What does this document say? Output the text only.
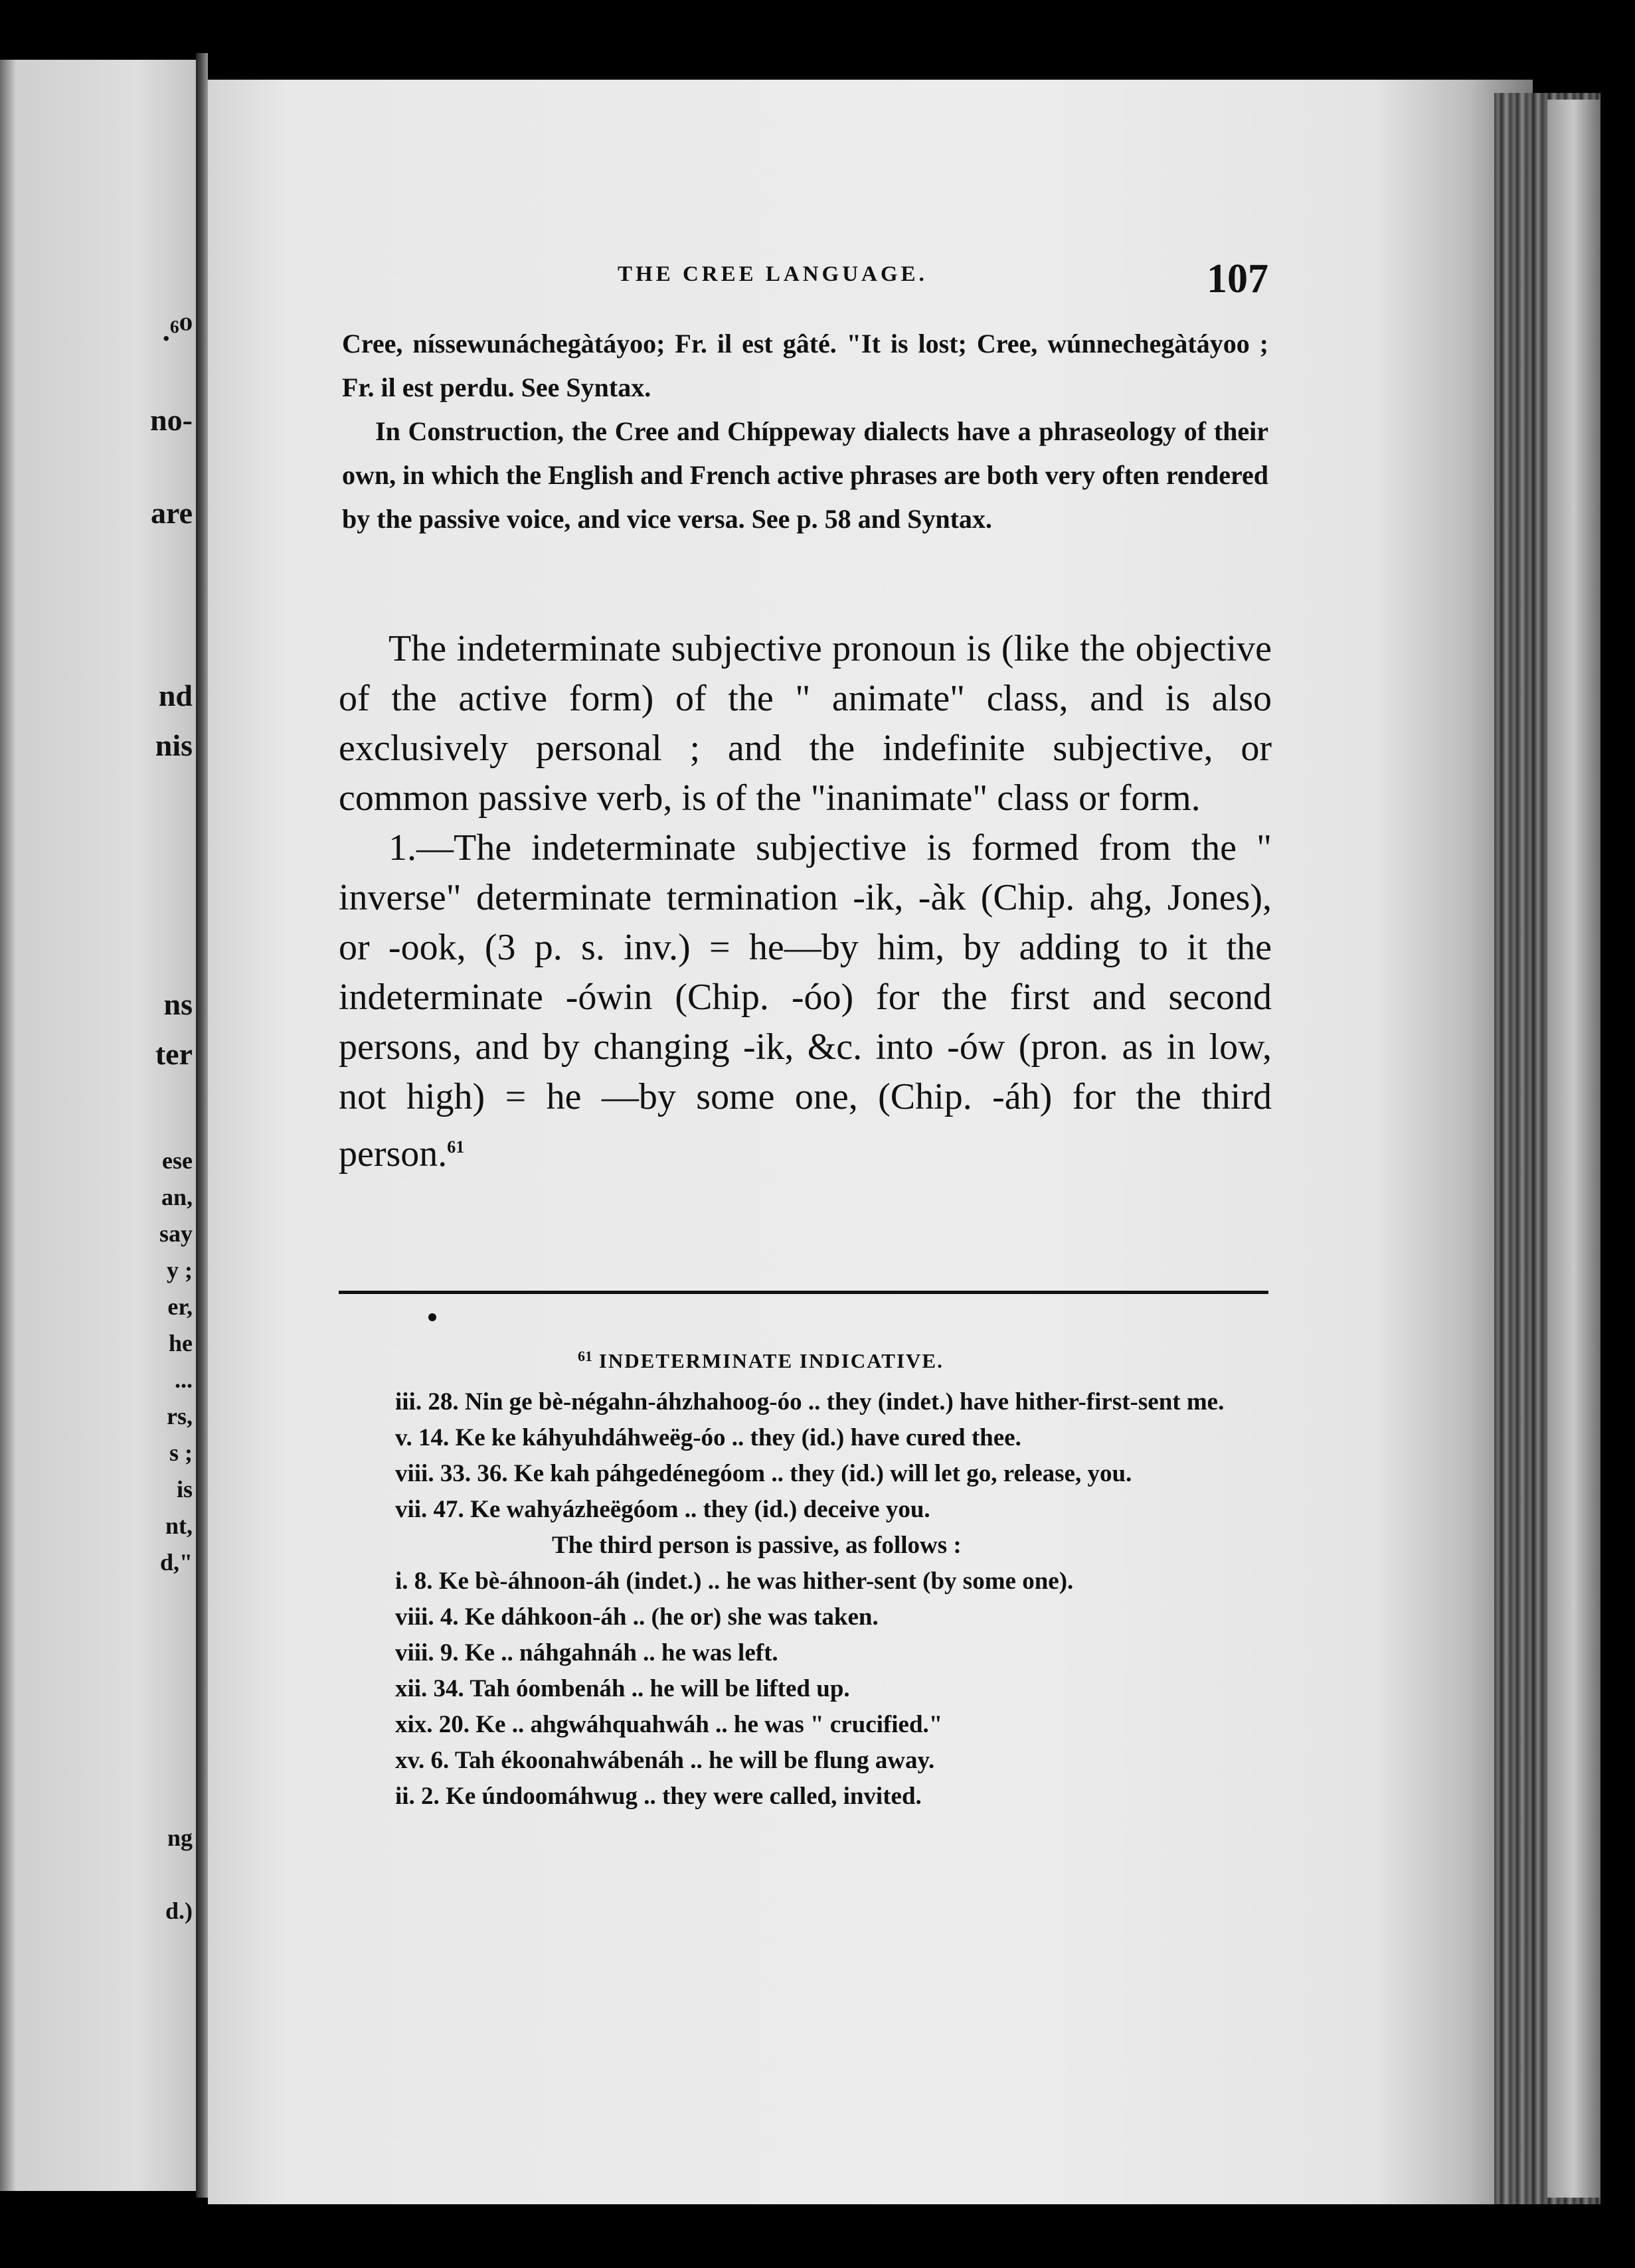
.⁶⁰
no-
are
nd
nis
ns
ter
ese
an,
say
y ;
er,
he
...
rs,
s ;
is
nt,
d,"
ng
d.)
THE CREE LANGUAGE.	107

Cree, níssewunáchegàtáyoo; Fr. il est gâté. "It is lost; Cree, wúnnechegàtáyoo ; Fr. il est perdu. See Syntax.

In Construction, the Cree and Chíppeway dialects have a phraseology of their own, in which the English and French active phrases are both very often rendered by the passive voice, and vice versa. See p. 58 and Syntax.

The indeterminate subjective pronoun is (like the objective of the active form) of the " animate" class, and is also exclusively personal ; and the indefinite subjective, or common passive verb, is of the "inanimate" class or form.

1.—The indeterminate subjective is formed from the " inverse" determinate termination -ik, -àk (Chip. ahg, Jones), or -ook, (3 p. s. inv.) = he—by him, by adding to it the indeterminate -ówin (Chip. -óo) for the first and second persons, and by changing -ik, &c. into -ów (pron. as in low, not high) = he —by some one, (Chip. -áh) for the third person.$^{61}$

$^{61}$ INDETERMINATE INDICATIVE.
iii. 28. Nin ge bè-négahn-áhzhahoog-óo .. they (indet.) have hither-first-sent me.
v. 14. Ke ke káhyuhdáhweëg-óo .. they (id.) have cured thee.
viii. 33. 36. Ke kah páhgedénegóom .. they (id.) will let go, release, you.
vii. 47. Ke wahyázheëgóom .. they (id.) deceive you.
The third person is passive, as follows :
i. 8. Ke bè-áhnoon-áh (indet.) .. he was hither-sent (by some one).
viii. 4. Ke dáhkoon-áh .. (he or) she was taken.
viii. 9. Ke .. náhgahnáh .. he was left.
xii. 34. Tah óombenáh .. he will be lifted up.
xix. 20. Ke .. ahgwáhquahwáh .. he was " crucified."
xv. 6. Tah ékoonahwábenáh .. he will be flung away.
ii. 2. Ke úndoomáhwug .. they were called, invited.
